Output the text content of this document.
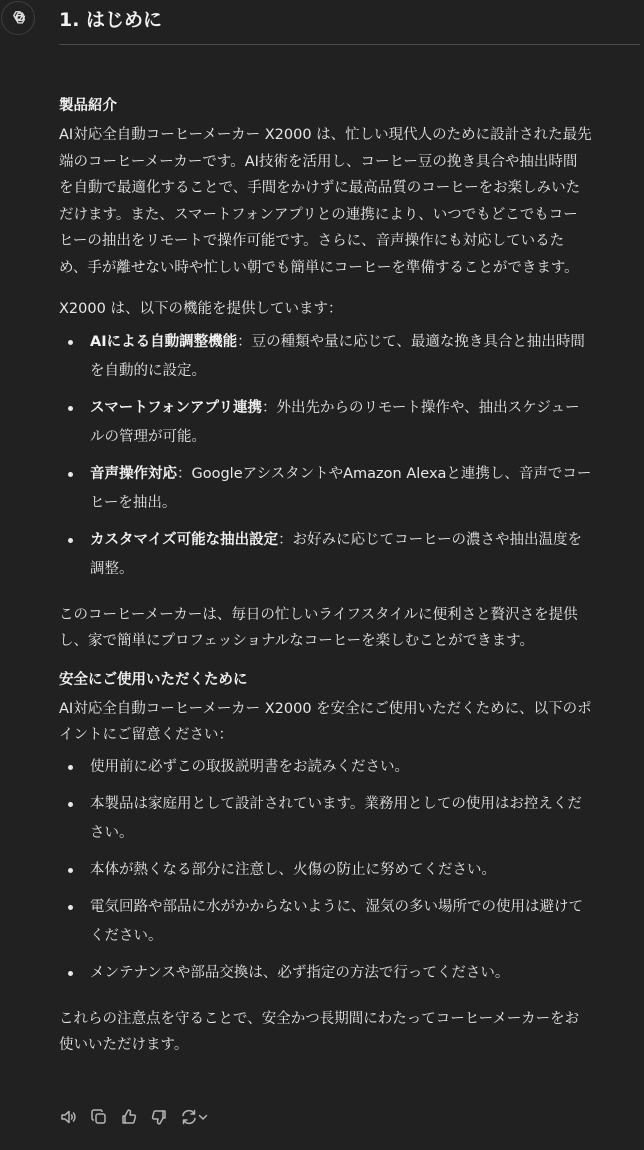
1. はじめに
製品紹介

AI対応全自動コーヒーメーカー X2000 は、忙しい現代人のために設計された最先
端のコーヒーメーカーです。AI技術を活用し、コーヒー豆の挽き具合や抽出時間
を自動で最適化することで、手間をかけずに最高品質のコーヒーをお楽しみいた
だけます。また、スマートフォンアプリとの連携により、いつでもどこでもコー
ヒーの抽出をリモートで操作可能です。さらに、音声操作にも対応しているた
め、手が離せない時や忙しい朝でも簡単にコーヒーを準備することができます。

X2000 は、以下の機能を提供しています：

AIによる自動調整機能：豆の種類や量に応じて、最適な挽き具合と抽出時間
を自動的に設定。
スマートフォンアプリ連携：外出先からのリモート操作や、抽出スケジュー
ルの管理が可能。
音声操作対応：GoogleアシスタントやAmazon Alexaと連携し、音声でコー
ヒーを抽出。
カスタマイズ可能な抽出設定：お好みに応じてコーヒーの濃さや抽出温度を
調整。

このコーヒーメーカーは、毎日の忙しいライフスタイルに便利さと贅沢さを提供
し、家で簡単にプロフェッショナルなコーヒーを楽しむことができます。

安全にご使用いただくために

AI対応全自動コーヒーメーカー X2000 を安全にご使用いただくために、以下のポ
イントにご留意ください：

使用前に必ずこの取扱説明書をお読みください。
本製品は家庭用として設計されています。業務用としての使用はお控えくだ
さい。
本体が熱くなる部分に注意し、火傷の防止に努めてください。
電気回路や部品に水がかからないように、湿気の多い場所での使用は避けて
ください。
メンテナンスや部品交換は、必ず指定の方法で行ってください。

これらの注意点を守ることで、安全かつ長期間にわたってコーヒーメーカーをお
使いいただけます。
